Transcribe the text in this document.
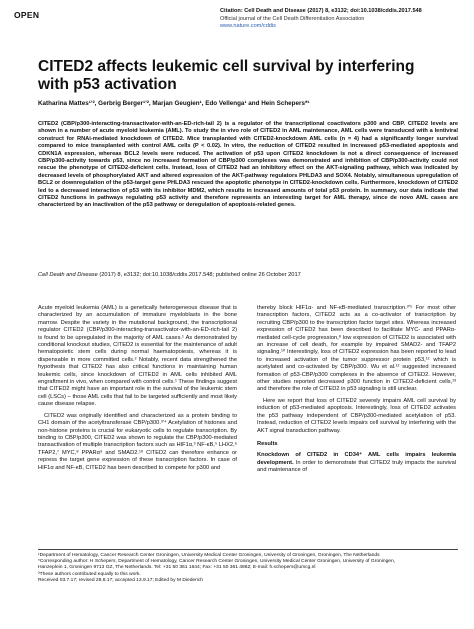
OPEN	Citation: Cell Death and Disease (2017) 8, e3132; doi:10.1038/cddis.2017.548
Official journal of the Cell Death Differentiation Association
www.nature.com/cddis
CITED2 affects leukemic cell survival by interfering with p53 activation
Katharina Mattes¹ʼ², Gerbrig Berger¹ʼ², Marjan Geugien¹, Edo Vellenga¹ and Hein Schepers*¹

CITED2 (CBP/p300-interacting-transactivator-with-an-ED-rich-tail 2) is a regulator of the transcriptional coactivators p300 and CBP. CITED2 levels are shown in a number of acute myeloid leukemia (AML). To study the in vivo role of CITED2 in AML maintenance, AML cells were transduced with a lentiviral construct for RNAi-mediated knockdown of CITED2. Mice transplanted with CITED2-knockdown AML cells (n = 4) had a significantly longer survival compared to mice transplanted with control AML cells (P < 0.02). In vitro, the reduction of CITED2 resulted in increased p53-mediated apoptosis and CDKN1A expression, whereas BCL2 levels were reduced. The activation of p53 upon CITED2 knockdown is not a direct consequence of increased CBP/p300-activity towards p53, since no increased formation of CBP/p300 complexes was demonstrated and inhibition of CBP/p300-activity could not rescue the phenotype of CITED2-deficient cells. Instead, loss of CITED2 had an inhibitory effect on the AKT-signaling pathway, which was indicated by decreased levels of phosphorylated AKT and altered expression of the AKT-pathway regulators PHLDA3 and SOX4. Notably, simultaneous upregulation of BCL2 or downregulation of the p53-target gene PHLDA3 rescued the apoptotic phenotype in CITED2-knockdown cells. Furthermore, knockdown of CITED2 led to a decreased interaction of p53 with its inhibitor MDM2, which results in increased amounts of total p53 protein. In summary, our data indicate that CITED2 functions in pathways regulating p53 activity and therefore represents an interesting target for AML therapy, since de novo AML cases are characterized by an inactivation of the p53 pathway or deregulation of apoptosis-related genes.

Cell Death and Disease (2017) 8, e3132; doi:10.1038/cddis.2017.548; published online 26 October 2017

Acute myeloid leukemia (AML) is a genetically heterogeneous disease that is characterized by an accumulation of immature myeloblasts in the bone marrow. Despite the variety in the mutational background, the transcriptional regulator CITED2 (CBP/p300-interacting-transactivator-with-an-ED-rich-tail 2) is found to be upregulated in the majority of AML cases.¹ As demonstrated by conditional knockout studies, CITED2 is essential for the maintenance of adult hematopoietic stem cells during normal haematopoiesis, whereas it is dispensable in more committed cells.² Notably, recent data strengthened the hypothesis that CITED2 has also critical functions in maintaining human leukemic cells, since knockdown of CITED2 in AML cells inhibited AML engraftment in vivo, when compared with control cells.¹ These findings suggest that CITED2 might have an important role in the survival of the leukemic stem cell (LSCs) – those AML cells that fail to be targeted sufficiently and most likely cause disease relapse.

CITED2 was originally identified and characterized as a protein binding to CH1 domain of the acetyltransferase CBP/p300.³ʼ⁴ Acetylation of histones and non-histone proteins is crucial for eukaryotic cells to regulate transcription. By binding to CBP/p300, CITED2 was shown to regulate the CBP/p300-mediated transactivation of multiple transcription factors such as HIF1α,³ NF-κB,⁵ LHX2,⁶ TFAP2,⁷ MYC,⁸ PPARα⁹ and SMAD2.¹⁰ CITED2 can therefore enhance or repress the target gene expression of these transcription factors. In case of HIF1α and NF-κB, CITED2 has been described to compete for p300 and

thereby block HIF1α- and NF-κB-mediated transcription.³ʼ⁵ For most other transcription factors, CITED2 acts as a co-activator of transcription by recruiting CBP/p300 to the transcription factor target sites. Whereas increased expression of CITED2 has been described to facilitate MYC- and PPARα-mediated cell-cycle progression,⁸ low expression of CITED2 is associated with an increase of cell death, for example by impaired SMAD2- and TFAP2 signaling.¹⁰ Interestingly, loss of CITED2 expression has been reported to lead to increased activation of the tumor suppressor protein p53,¹² which is acetylated and co-activated by CBP/p300. Wu et al.¹² suggested increased formation of p53-CBP/p300 complexes in the absence of CITED2. However, other studies reported decreased p300 function in CITED2-deficient cells,¹³ and therefore the role of CITED2 in p53 signaling is still unclear.

Here we report that loss of CITED2 severely impairs AML cell survival by induction of p53-mediated apoptosis. Interestingly, loss of CITED2 activates the p53 pathway independent of CBP/p300-mediated acetylation of p53. Instead, reduction of CITED2 levels impairs cell survival by interfering with the AKT signal transduction pathway.

Results

Knockdown of CITED2 in CD34⁺ AML cells impairs leukemia development. In order to demonstrate that CITED2 truly impacts the survival and maintenance of

¹Department of Hematology, Cancer Research Center Groningen, University Medical Center Groningen, University of Groningen, Groningen, The Netherlands
*Corresponding author: H Schepers, Department of Hematology, Cancer Research Center Groningen, University Medical Center Groningen, University of Groningen,
Hanzeplein 1, Groningen 9713 GZ, The Netherlands. Tel: +31 50 361 1644; Fax: +31 50 361 4862; E-mail: h.schepers@umcg.nl
²These authors contributed equally to this work.
Received 03.7.17; revised 28.8.17; accepted 13.9.17; Edited by M Diederich
